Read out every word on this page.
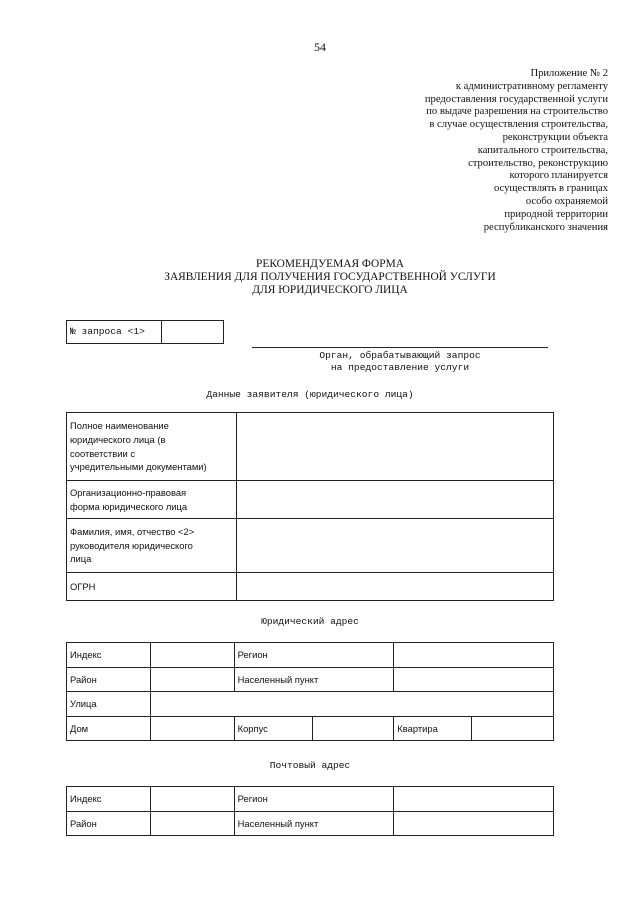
54
Приложение № 2
к административному регламенту
предоставления государственной услуги
по выдаче разрешения на строительство
в случае осуществления строительства,
реконструкции объекта
капитального строительства,
строительство, реконструкцию
которого планируется
осуществлять в границах
особо охраняемой
природной территории
республиканского значения
РЕКОМЕНДУЕМАЯ ФОРМА
ЗАЯВЛЕНИЯ ДЛЯ ПОЛУЧЕНИЯ ГОСУДАРСТВЕННОЙ УСЛУГИ
ДЛЯ ЮРИДИЧЕСКОГО ЛИЦА
№ запроса <1>
Орган, обрабатывающий запрос
на предоставление услуги
Данные заявителя (юридического лица)
Полное наименование
юридического лица (в
соответствии с
учредительными документами)	

Организационно-правовая
форма юридического лица	

Фамилия, имя, отчество <2>
руководителя юридического
лица	

ОГРН	

Юридический адрес
Индекс		Регион			
Район		Населенный пункт			
Улица					
Дом		Корпус		Квартира	
Почтовый адрес
Индекс		Регион	
Район		Населенный пункт	
